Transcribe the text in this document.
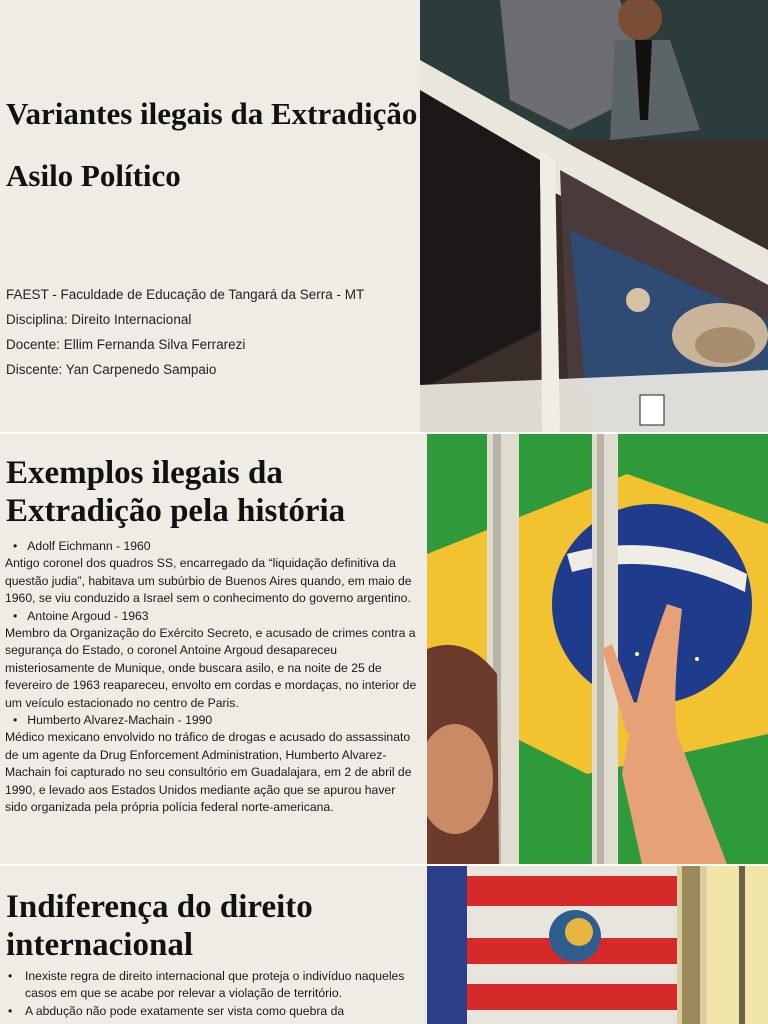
Variantes ilegais da Extradição
Asilo Político
FAEST - Faculdade de Educação de Tangará da Serra - MT
Disciplina: Direito Internacional
Docente: Ellim Fernanda Silva Ferrarezi
Discente: Yan Carpenedo Sampaio
Exemplos ilegais da Extradição pela história
• Adolf Eichmann - 1960
Antigo coronel dos quadros SS, encarregado da “liquidação definitiva da questão judia”, habitava um subúrbio de Buenos Aires quando, em maio de 1960, se viu conduzido a Israel sem o conhecimento do governo argentino.
• Antoine Argoud - 1963
Membro da Organização do Exército Secreto, e acusado de crimes contra a segurança do Estado, o coronel Antoine Argoud desapareceu misteriosamente de Munique, onde buscara asilo, e na noite de 25 de fevereiro de 1963 reapareceu, envolto em cordas e mordaças, no interior de um veículo estacionado no centro de Paris.
• Humberto Alvarez-Machain - 1990
Médico mexicano envolvido no tráfico de drogas e acusado do assassinato de um agente da Drug Enforcement Administration, Humberto Alvarez-Machain foi capturado no seu consultório em Guadalajara, em 2 de abril de 1990, e levado aos Estados Unidos mediante ação que se apurou haver sido organizada pela própria polícia federal norte-americana.
Indiferença do direito internacional
• Inexiste regra de direito internacional que proteja o indivíduo naqueles casos em que se acabe por relevar a violação de território.
• A abdução não pode exatamente ser vista como quebra da
